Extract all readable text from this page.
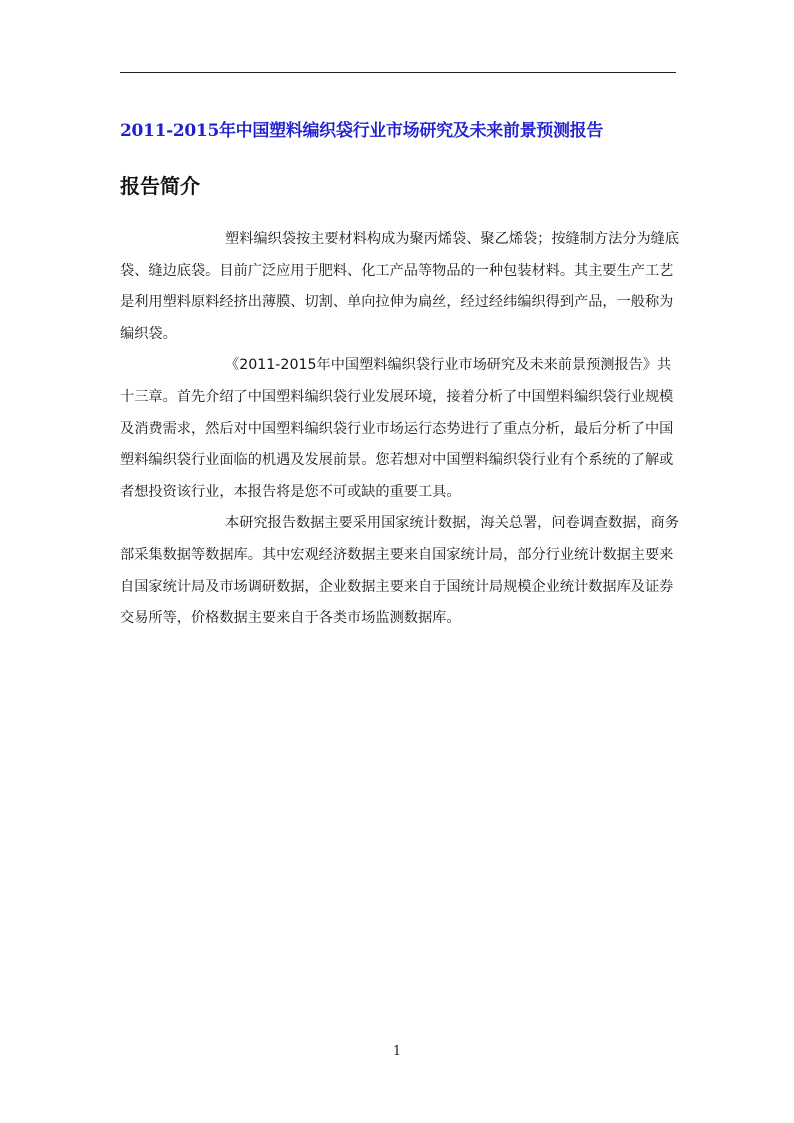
2011-2015年中国塑料编织袋行业市场研究及未来前景预测报告
报告简介

塑料编织袋按主要材料构成为聚丙烯袋、聚乙烯袋；按缝制方法分为缝底袋、缝边底袋。目前广泛应用于肥料、化工产品等物品的一种包装材料。其主要生产工艺是利用塑料原料经挤出薄膜、切割、单向拉伸为扁丝，经过经纬编织得到产品，一般称为编织袋。

《2011-2015年中国塑料编织袋行业市场研究及未来前景预测报告》共十三章。首先介绍了中国塑料编织袋行业发展环境，接着分析了中国塑料编织袋行业规模及消费需求，然后对中国塑料编织袋行业市场运行态势进行了重点分析，最后分析了中国塑料编织袋行业面临的机遇及发展前景。您若想对中国塑料编织袋行业有个系统的了解或者想投资该行业，本报告将是您不可或缺的重要工具。

本研究报告数据主要采用国家统计数据，海关总署，问卷调查数据，商务部采集数据等数据库。其中宏观经济数据主要来自国家统计局，部分行业统计数据主要来自国家统计局及市场调研数据，企业数据主要来自于国统计局规模企业统计数据库及证券交易所等，价格数据主要来自于各类市场监测数据库。

1
